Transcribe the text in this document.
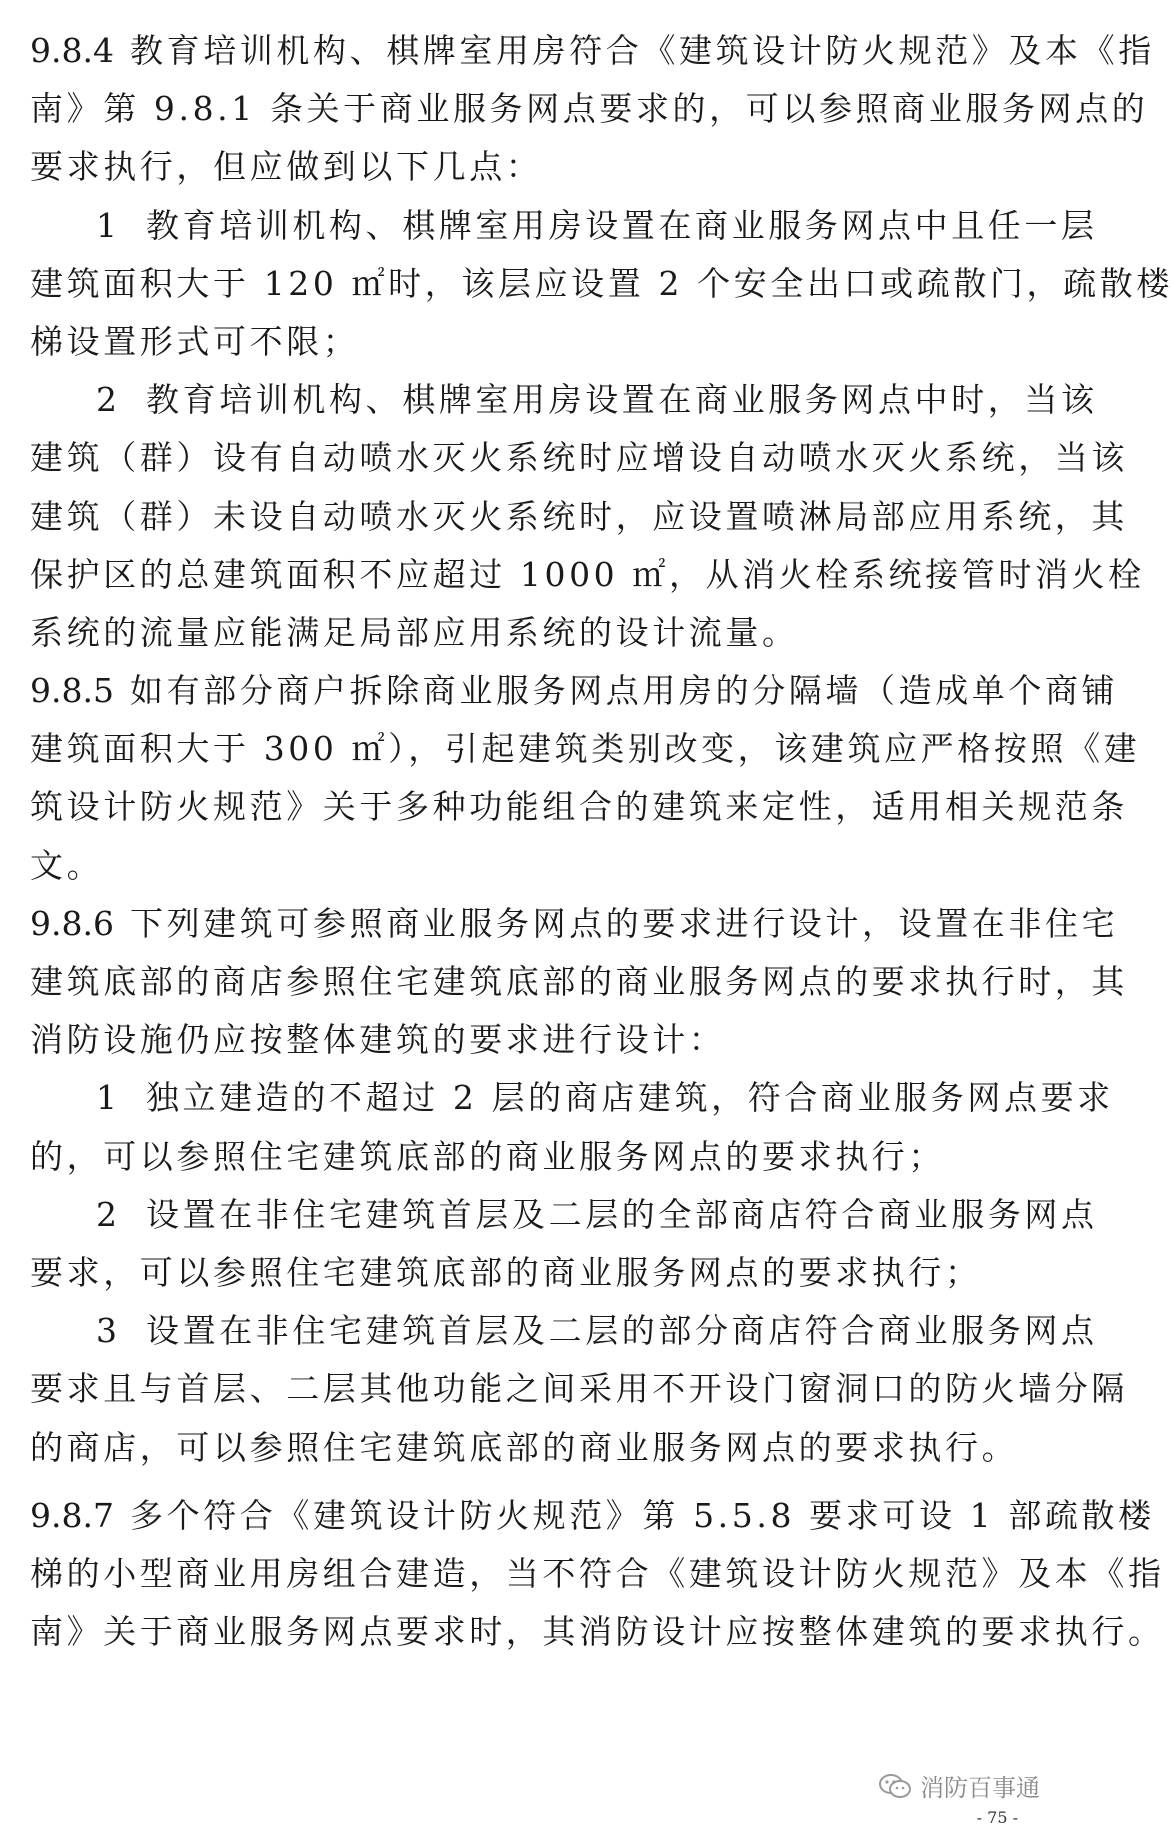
9.8.4 教育培训机构、棋牌室用房符合《建筑设计防火规范》及本《指
南》第 9.8.1 条关于商业服务网点要求的，可以参照商业服务网点的
要求执行，但应做到以下几点：
1 教育培训机构、棋牌室用房设置在商业服务网点中且任一层
建筑面积大于 120 ㎡时，该层应设置 2 个安全出口或疏散门，疏散楼
梯设置形式可不限；
2 教育培训机构、棋牌室用房设置在商业服务网点中时，当该
建筑（群）设有自动喷水灭火系统时应增设自动喷水灭火系统，当该
建筑（群）未设自动喷水灭火系统时，应设置喷淋局部应用系统，其
保护区的总建筑面积不应超过 1000 ㎡，从消火栓系统接管时消火栓
系统的流量应能满足局部应用系统的设计流量。
9.8.5 如有部分商户拆除商业服务网点用房的分隔墙（造成单个商铺
建筑面积大于 300 ㎡），引起建筑类别改变，该建筑应严格按照《建
筑设计防火规范》关于多种功能组合的建筑来定性，适用相关规范条
文。
9.8.6 下列建筑可参照商业服务网点的要求进行设计，设置在非住宅
建筑底部的商店参照住宅建筑底部的商业服务网点的要求执行时，其
消防设施仍应按整体建筑的要求进行设计：
1 独立建造的不超过 2 层的商店建筑，符合商业服务网点要求
的，可以参照住宅建筑底部的商业服务网点的要求执行；
2 设置在非住宅建筑首层及二层的全部商店符合商业服务网点
要求，可以参照住宅建筑底部的商业服务网点的要求执行；
3 设置在非住宅建筑首层及二层的部分商店符合商业服务网点
要求且与首层、二层其他功能之间采用不开设门窗洞口的防火墙分隔
的商店，可以参照住宅建筑底部的商业服务网点的要求执行。
9.8.7 多个符合《建筑设计防火规范》第 5.5.8 要求可设 1 部疏散楼
梯的小型商业用房组合建造，当不符合《建筑设计防火规范》及本《指
南》关于商业服务网点要求时，其消防设计应按整体建筑的要求执行。
消防百事通
- 75 -
